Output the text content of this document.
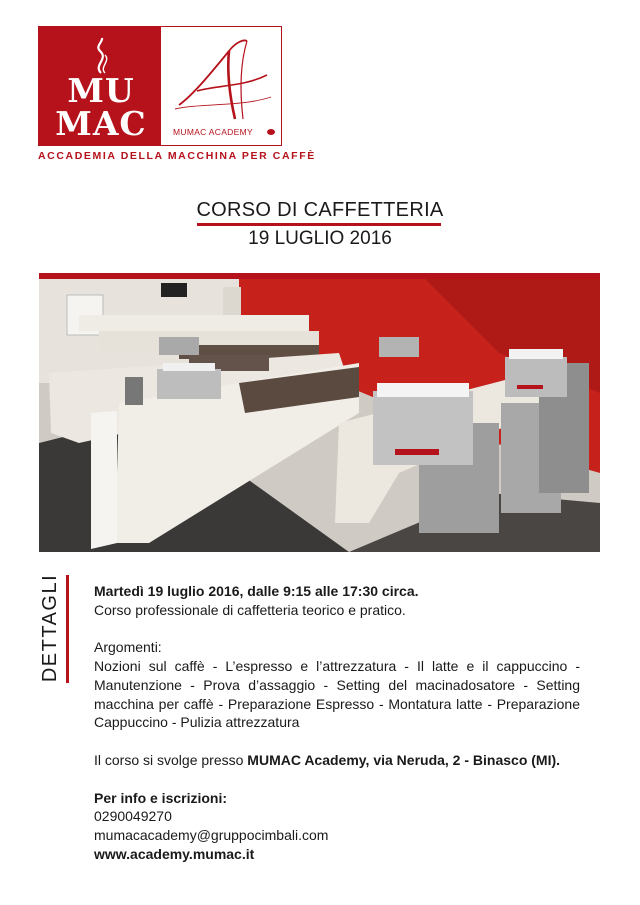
MU
MAC	MUMAC ACADEMY
ACCADEMIA DELLA MACCHINA PER CAFFÈ
CORSO DI CAFFETTERIA
19 LUGLIO 2016
DETTAGLI Martedì 19 luglio 2016, dalle 9:15 alle 17:30 circa.

Corso professionale di caffetteria teorico e pratico.

Argomenti:

Nozioni sul caffè - L’espresso e l’attrezzatura - Il latte e il cappuccino - Manutenzione - Prova d’assaggio - Setting del macinadosatore - Setting macchina per caffè - Preparazione Espresso - Montatura latte - Preparazione Cappuccino - Pulizia attrezzatura

Il corso si svolge presso MUMAC Academy, via Neruda, 2 - Binasco (MI).

Per info e iscrizioni:

0290049270

mumacacademy@gruppocimbali.com

www.academy.mumac.it
